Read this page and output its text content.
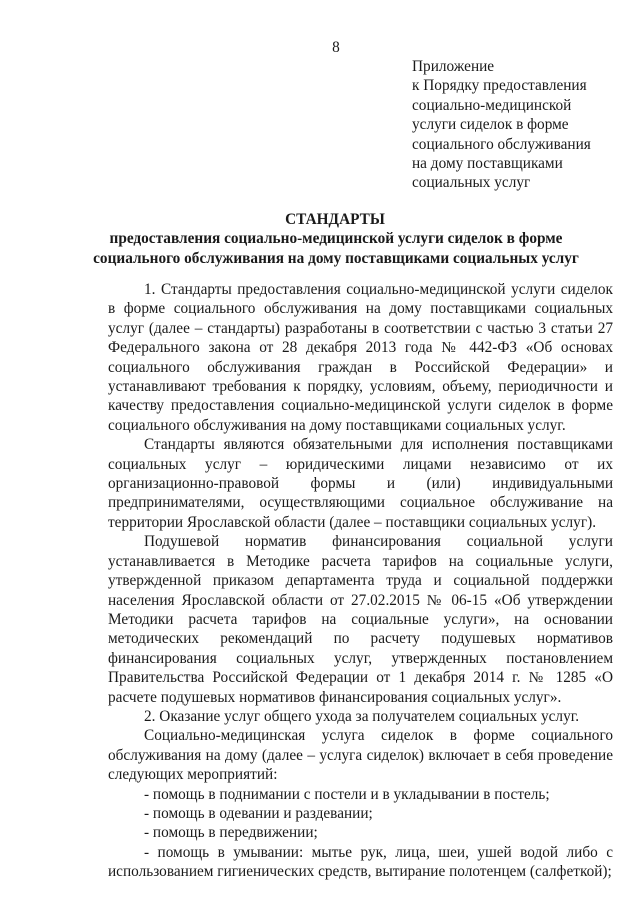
8
Приложение
к Порядку предоставления
социально-медицинской
услуги сиделок в форме
социального обслуживания
на дому поставщиками
социальных услуг
СТАНДАРТЫ
предоставления социально-медицинской услуги сиделок в форме
социального обслуживания на дому поставщиками социальных услуг

1. Стандарты предоставления социально-медицинской услуги сиделок в форме социального обслуживания на дому поставщиками социальных услуг (далее – стандарты) разработаны в соответствии с частью 3 статьи 27 Федерального закона от 28 декабря 2013 года № 442-ФЗ «Об основах социального обслуживания граждан в Российской Федерации» и устанавливают требования к порядку, условиям, объему, периодичности и качеству предоставления социально-медицинской услуги сиделок в форме социального обслуживания на дому поставщиками социальных услуг.

Стандарты являются обязательными для исполнения поставщиками социальных услуг – юридическими лицами независимо от их организационно-правовой формы и (или) индивидуальными предпринимателями, осуществляющими социальное обслуживание на территории Ярославской области (далее – поставщики социальных услуг).

Подушевой норматив финансирования социальной услуги устанавливается в Методике расчета тарифов на социальные услуги, утвержденной приказом департамента труда и социальной поддержки населения Ярославской области от 27.02.2015 № 06-15 «Об утверждении Методики расчета тарифов на социальные услуги», на основании методических рекомендаций по расчету подушевых нормативов финансирования социальных услуг, утвержденных постановлением Правительства Российской Федерации от 1 декабря 2014 г. № 1285 «О расчете подушевых нормативов финансирования социальных услуг».

2. Оказание услуг общего ухода за получателем социальных услуг.

Социально-медицинская услуга сиделок в форме социального обслуживания на дому (далее – услуга сиделок) включает в себя проведение следующих мероприятий:

- помощь в поднимании с постели и в укладывании в постель;

- помощь в одевании и раздевании;

- помощь в передвижении;

- помощь в умывании: мытье рук, лица, шеи, ушей водой либо с использованием гигиенических средств, вытирание полотенцем (салфеткой);
